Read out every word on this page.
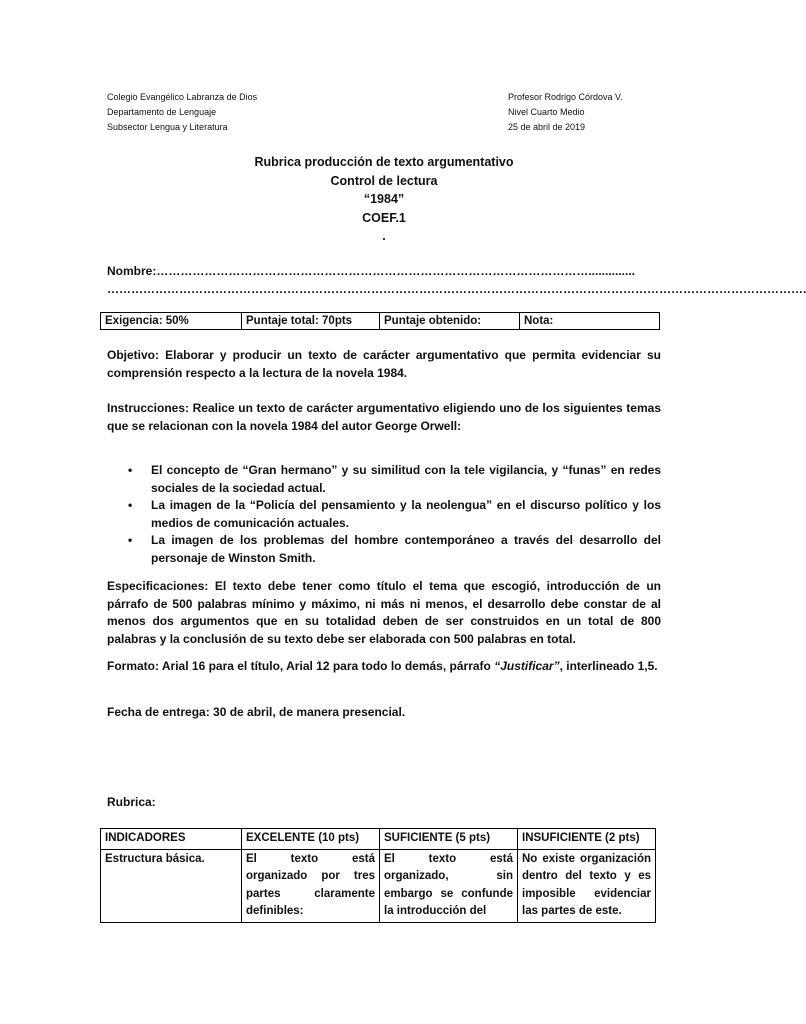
Colegio Evangélico Labranza de Dios
Departamento de Lenguaje
Subsector Lengua y Literatura
Profesor Rodrigo Córdova V.
Nivel Cuarto Medio
25 de abril de 2019
Rubrica producción de texto argumentativo
Control de lectura
“1984”
COEF.1
.
Nombre:………………………………………………………………………………………………..............
………………………………………………………………………………………………………………………………………………………….
Exigencia: 50%	Puntaje total: 70pts	Puntaje obtenido:	Nota:

Objetivo: Elaborar y producir un texto de carácter argumentativo que permita evidenciar su comprensión respecto a la lectura de la novela 1984.

Instrucciones: Realice un texto de carácter argumentativo eligiendo uno de los siguientes temas que se relacionan con la novela 1984 del autor George Orwell:

• El concepto de “Gran hermano” y su similitud con la tele vigilancia, y “funas” en redes sociales de la sociedad actual.
• La imagen de la “Policía del pensamiento y la neolengua” en el discurso político y los medios de comunicación actuales.
• La imagen de los problemas del hombre contemporáneo a través del desarrollo del personaje de Winston Smith.

Especificaciones: El texto debe tener como título el tema que escogió, introducción de un párrafo de 500 palabras mínimo y máximo, ni más ni menos, el desarrollo debe constar de al menos dos argumentos que en su totalidad deben de ser construidos en un total de 800 palabras y la conclusión de su texto debe ser elaborada con 500 palabras en total.

Formato: Arial 16 para el título, Arial 12 para todo lo demás, párrafo “Justificar”, interlineado 1,5.

Fecha de entrega: 30 de abril, de manera presencial.

Rubrica:

INDICADORES	EXCELENTE (10 pts)	SUFICIENTE (5 pts)	INSUFICIENTE (2 pts)
Estructura básica.	El texto está organizado por tres partes claramente definibles:	El texto está organizado, sin embargo se confunde la introducción del	No existe organización dentro del texto y es imposible evidenciar las partes de este.
